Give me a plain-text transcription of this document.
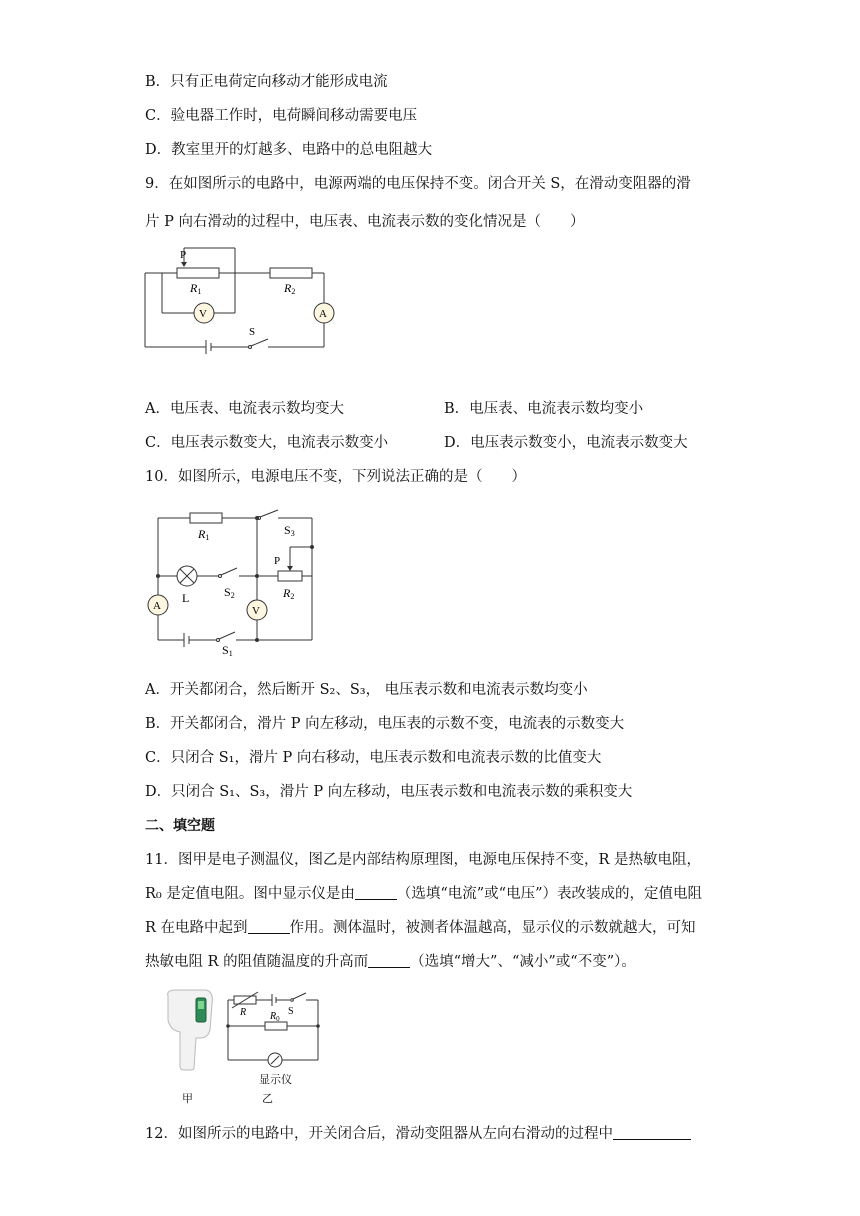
B．只有正电荷定向移动才能形成电流
C．验电器工作时，电荷瞬间移动需要电压
D．教室里开的灯越多、电路中的总电阻越大
9．在如图所示的电路中，电源两端的电压保持不变。闭合开关 S，在滑动变阻器的滑
片 P 向右滑动的过程中，电压表、电流表示数的变化情况是（　　）
P
R1	R2
V	A
S
A．电压表、电流表示数均变大	B．电压表、电流表示数均变小
C．电压表示数变大，电流表示数变小	D．电压表示数变小，电流表示数变大
10．如图所示，电源电压不变，下列说法正确的是（　　）
R1
L	S2
S3
P
R2
V
A
S1
A．开关都闭合，然后断开 S₂、S₃， 电压表示数和电流表示数均变小
B．开关都闭合，滑片 P 向左移动，电压表的示数不变，电流表的示数变大
C．只闭合 S₁，滑片 P 向右移动，电压表示数和电流表示数的比值变大
D．只闭合 S₁、S₃，滑片 P 向左移动，电压表示数和电流表示数的乘积变大
二、填空题
11．图甲是电子测温仪，图乙是内部结构原理图，电源电压保持不变，R 是热敏电阻，
R₀ 是定值电阻。图中显示仪是由	（选填“电流”或“电压”）表改装成的，定值电阻
R 在电路中起到	作用。测体温时，被测者体温越高，显示仪的示数就越大，可知
热敏电阻 R 的阻值随温度的升高而	（选填“增大”、“减小”或“不变”）。
R	S
$R_0$
显示仪
甲	乙
12．如图所示的电路中，开关闭合后，滑动变阻器从左向右滑动的过程中
